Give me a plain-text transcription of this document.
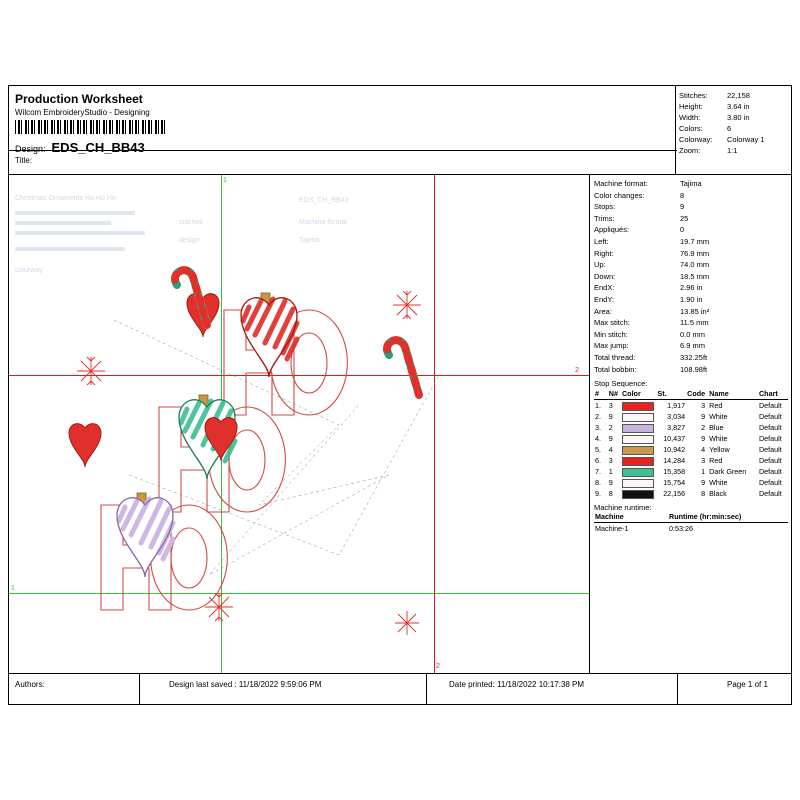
Production Worksheet
Wilcom EmbroideryStudio - Designing
Design: EDS_CH_BB43
Title:
Stitches:	22,158
Height:	3.64 in
Width:	3.80 in
Colors:	6
Colorway:	Colorway 1
Zoom:	1:1
Christmas Ornaments Ho Ho Ho	EDS_CH_BB43
Machine format
Tajima
stitches
design
colorway
1
1
2
2
Machine format:	Tajima
Color changes:	8
Stops:	9
Trims:	25
Appliqués:	0
Left:	19.7 mm
Right:	76.9 mm
Up:	74.0 mm
Down:	18.5 mm
EndX:	2.96 in
EndY:	1.90 in
Area:	13.85 in²
Max stitch:	11.5 mm
Min stitch:	0.0 mm
Max jump:	6.9 mm
Total thread:	332.25ft
Total bobbin:	108.98ft
Stop Sequence:
#	N#	Color	St.	Code	Name	Chart
1.	3		1,917	3	Red	Default
2.	9		3,034	9	White	Default
3.	2		3,827	2	Blue	Default
4.	9		10,437	9	White	Default
5.	4		10,942	4	Yellow	Default
6.	3		14,284	3	Red	Default
7.	1		15,358	1	Dark Green	Default
8.	9		15,754	9	White	Default
9.	8		22,156	8	Black	Default
Machine runtime:
Machine	Runtime (hr:min:sec)
Machine-1	0:53:26
Authors:	Design last saved : 11/18/2022 9:59:06 PM	Date printed: 11/18/2022 10:17:38 PM	Page 1 of 1
